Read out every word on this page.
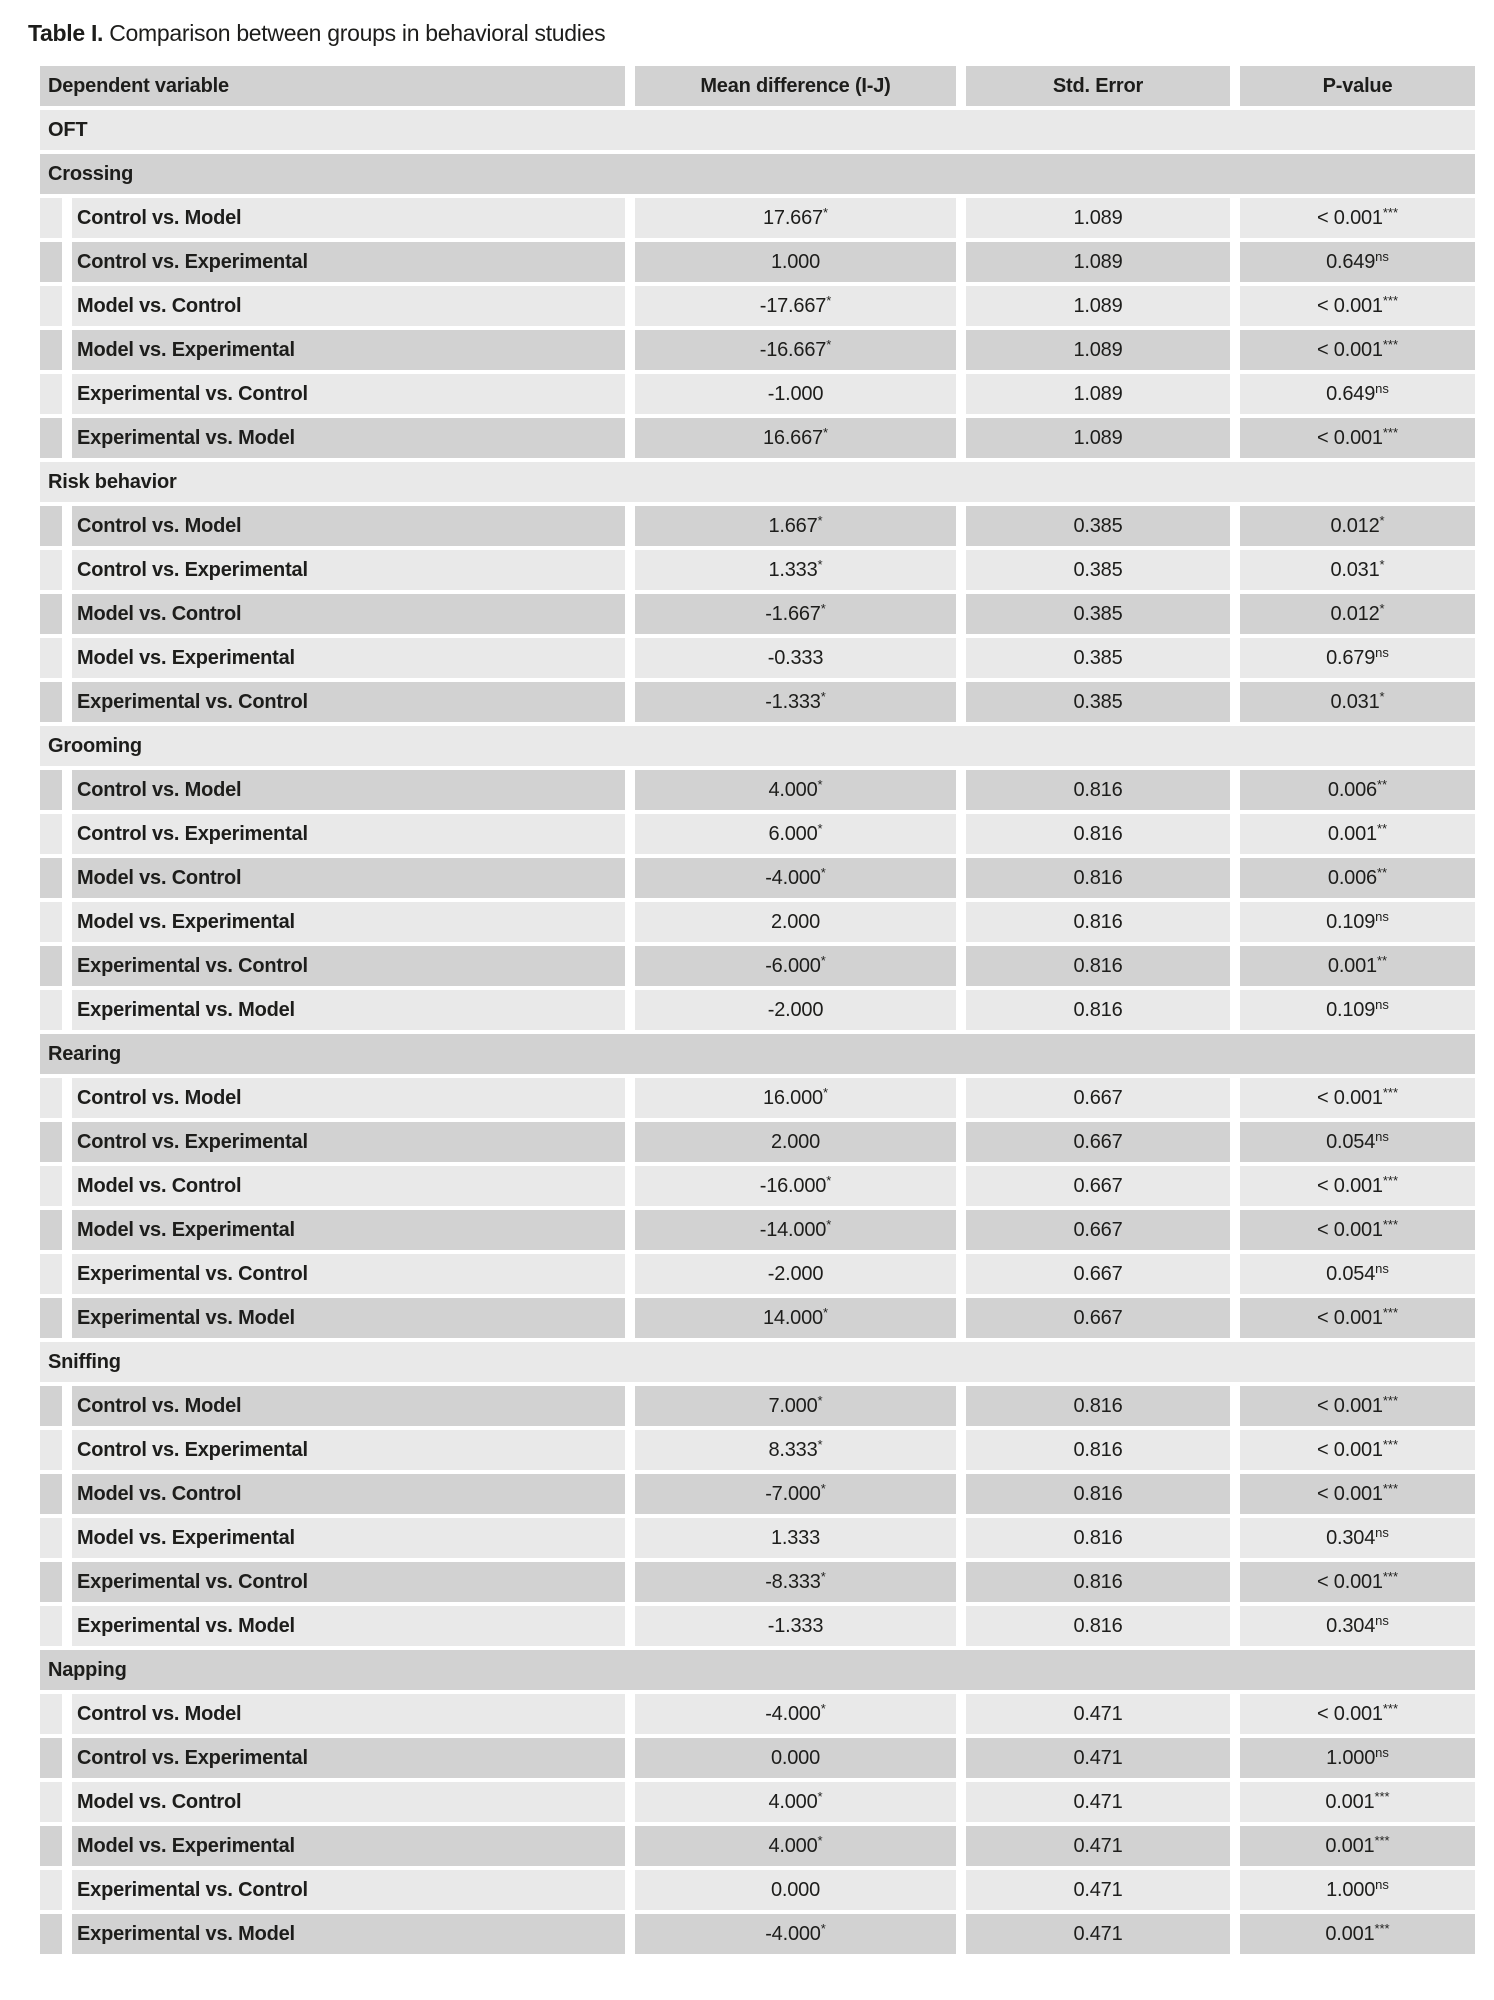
Table I. Comparison between groups in behavioral studies
Dependent variable		Mean difference (I-J)	Std. Error	P-value
OFT				
Crossing				
	Control vs. Model	17.667*	1.089	< 0.001***
	Control vs. Experimental	1.000	1.089	$0.649^{ns}$
	Model vs. Control	-17.667*	1.089	< 0.001***
	Model vs. Experimental	-16.667*	1.089	< 0.001***
	Experimental vs. Control	-1.000	1.089	$0.649^{ns}$
	Experimental vs. Model	16.667*	1.089	< 0.001***
Risk behavior				
	Control vs. Model	1.667*	0.385	0.012*
	Control vs. Experimental	1.333*	0.385	0.031*
	Model vs. Control	-1.667*	0.385	0.012*
	Model vs. Experimental	-0.333	0.385	$0.679^{ns}$
	Experimental vs. Control	-1.333*	0.385	0.031*
Grooming				
	Control vs. Model	4.000*	0.816	0.006**
	Control vs. Experimental	6.000*	0.816	0.001**
	Model vs. Control	-4.000*	0.816	0.006**
	Model vs. Experimental	2.000	0.816	$0.109^{ns}$
	Experimental vs. Control	-6.000*	0.816	0.001**
	Experimental vs. Model	-2.000	0.816	$0.109^{ns}$
Rearing				
	Control vs. Model	16.000*	0.667	< 0.001***
	Control vs. Experimental	2.000	0.667	$0.054^{ns}$
	Model vs. Control	-16.000*	0.667	< 0.001***
	Model vs. Experimental	-14.000*	0.667	< 0.001***
	Experimental vs. Control	-2.000	0.667	$0.054^{ns}$
	Experimental vs. Model	14.000*	0.667	< 0.001***
Sniffing				
	Control vs. Model	7.000*	0.816	< 0.001***
	Control vs. Experimental	8.333*	0.816	< 0.001***
	Model vs. Control	-7.000*	0.816	< 0.001***
	Model vs. Experimental	1.333	0.816	$0.304^{ns}$
	Experimental vs. Control	-8.333*	0.816	< 0.001***
	Experimental vs. Model	-1.333	0.816	$0.304^{ns}$
Napping				
	Control vs. Model	-4.000*	0.471	< 0.001***
	Control vs. Experimental	0.000	0.471	$1.000^{ns}$
	Model vs. Control	4.000*	0.471	0.001***
	Model vs. Experimental	4.000*	0.471	0.001***
	Experimental vs. Control	0.000	0.471	$1.000^{ns}$
	Experimental vs. Model	-4.000*	0.471	0.001***
